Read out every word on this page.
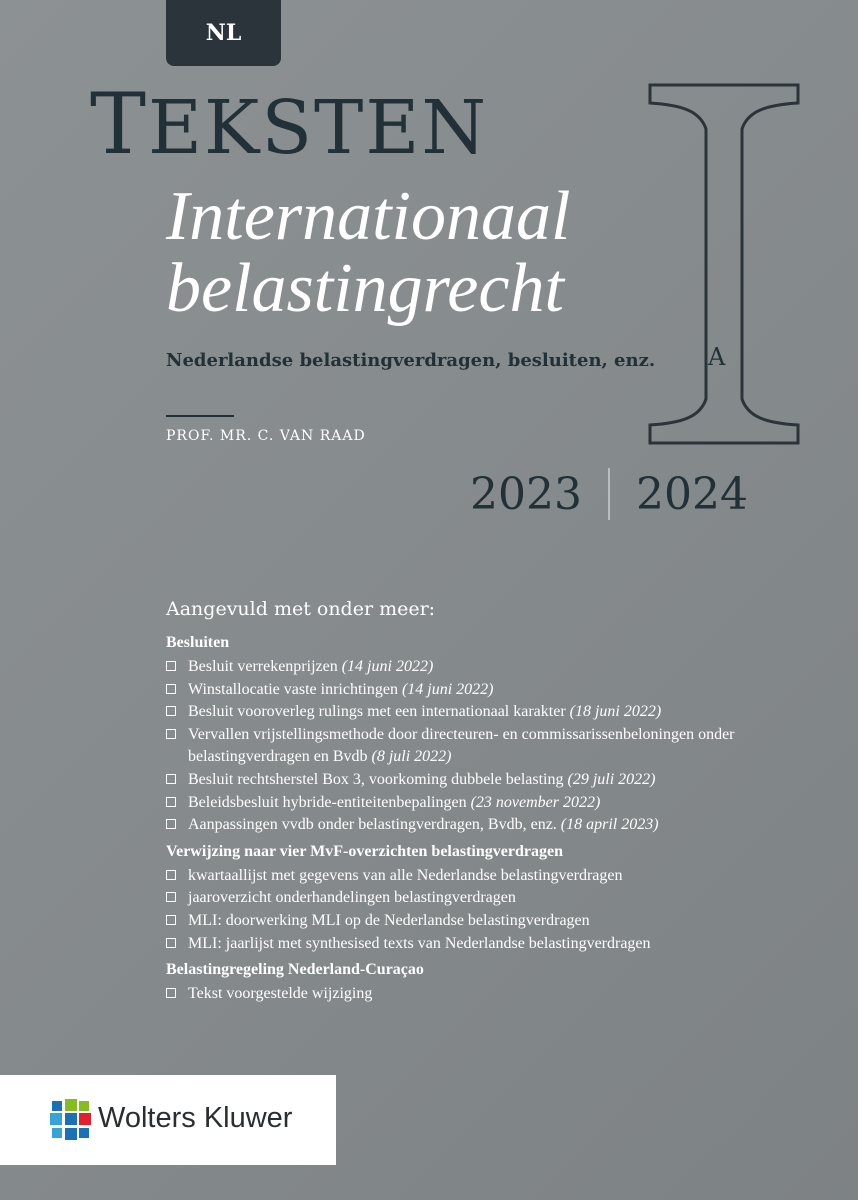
NL
TEKSTEN
Internationaal
belastingrecht
Nederlandse belastingverdragen, besluiten, enz.
PROF. MR. C. VAN RAAD
A
2023 2024
Aangevuld met onder meer:
Besluiten
Besluit verrekenprijzen (14 juni 2022)
Winstallocatie vaste inrichtingen (14 juni 2022)
Besluit vooroverleg rulings met een internationaal karakter (18 juni 2022)
Vervallen vrijstellingsmethode door directeuren- en commissarissenbeloningen onder belastingverdragen en Bvdb (8 juli 2022)
Besluit rechtsherstel Box 3, voorkoming dubbele belasting (29 juli 2022)
Beleidsbesluit hybride-entiteitenbepalingen (23 november 2022)
Aanpassingen vvdb onder belastingverdragen, Bvdb, enz. (18 april 2023)
Verwijzing naar vier MvF-overzichten belastingverdragen
kwartaallijst met gegevens van alle Nederlandse belastingverdragen
jaaroverzicht onderhandelingen belastingverdragen
MLI: doorwerking MLI op de Nederlandse belastingverdragen
MLI: jaarlijst met synthesised texts van Nederlandse belastingverdragen
Belastingregeling Nederland-Curaçao
Tekst voorgestelde wijziging
Wolters Kluwer
